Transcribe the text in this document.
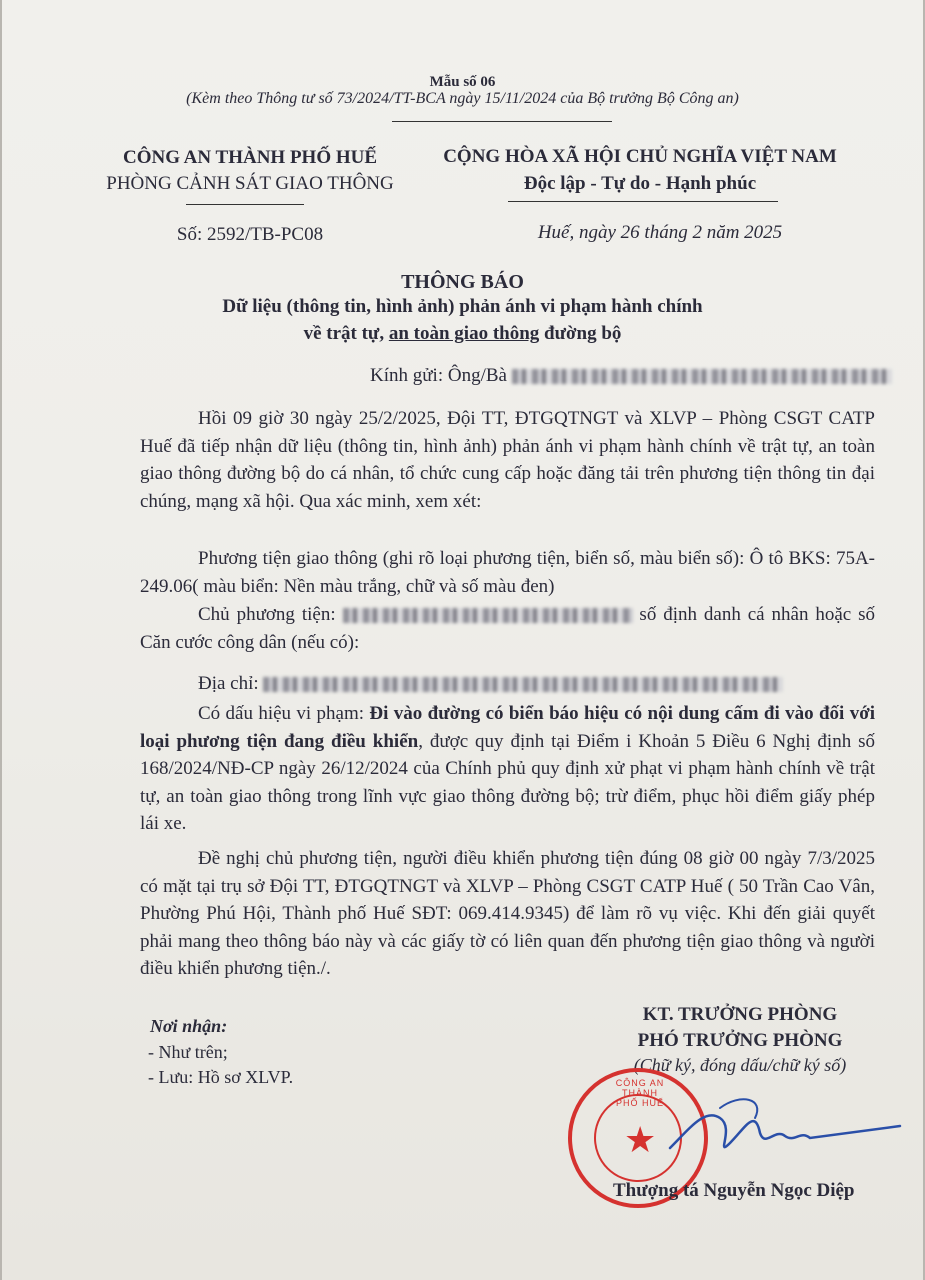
Mẫu số 06
(Kèm theo Thông tư số 73/2024/TT-BCA ngày 15/11/2024 của Bộ trưởng Bộ Công an)
CÔNG AN THÀNH PHỐ HUẾ
PHÒNG CẢNH SÁT GIAO THÔNG
CỘNG HÒA XÃ HỘI CHỦ NGHĨA VIỆT NAM
Độc lập - Tự do - Hạnh phúc
Số: 2592/TB-PC08	Huế, ngày 26 tháng 2 năm 2025
THÔNG BÁO
Dữ liệu (thông tin, hình ảnh) phản ánh vi phạm hành chính
về trật tự, an toàn giao thông đường bộ
Kính gửi: Ông/Bà
Hồi 09 giờ 30 ngày 25/2/2025, Đội TT, ĐTGQTNGT và XLVP – Phòng CSGT CATP Huế đã tiếp nhận dữ liệu (thông tin, hình ảnh) phản ánh vi phạm hành chính về trật tự, an toàn giao thông đường bộ do cá nhân, tổ chức cung cấp hoặc đăng tải trên phương tiện thông tin đại chúng, mạng xã hội. Qua xác minh, xem xét:
Phương tiện giao thông (ghi rõ loại phương tiện, biển số, màu biển số): Ô tô BKS: 75A-249.06( màu biển: Nền màu trắng, chữ và số màu đen)
Chủ phương tiện:	số định danh cá nhân hoặc số Căn cước công dân (nếu có):
Địa chỉ:
Có dấu hiệu vi phạm: Đi vào đường có biển báo hiệu có nội dung cấm đi vào đối với loại phương tiện đang điều khiển, được quy định tại Điểm i Khoản 5 Điều 6 Nghị định số 168/2024/NĐ-CP ngày 26/12/2024 của Chính phủ quy định xử phạt vi phạm hành chính về trật tự, an toàn giao thông trong lĩnh vực giao thông đường bộ; trừ điểm, phục hồi điểm giấy phép lái xe.
Đề nghị chủ phương tiện, người điều khiển phương tiện đúng 08 giờ 00 ngày 7/3/2025 có mặt tại trụ sở Đội TT, ĐTGQTNGT và XLVP – Phòng CSGT CATP Huế ( 50 Trần Cao Vân, Phường Phú Hội, Thành phố Huế SĐT: 069.414.9345) để làm rõ vụ việc. Khi đến giải quyết phải mang theo thông báo này và các giấy tờ có liên quan đến phương tiện giao thông và người điều khiển phương tiện./.
Nơi nhận:
- Như trên;
- Lưu: Hồ sơ XLVP.
KT. TRƯỞNG PHÒNG
PHÓ TRƯỞNG PHÒNG
(Chữ ký, đóng dấu/chữ ký số)
CÔNG AN THÀNH PHỐ HUẾ
★
Thượng tá Nguyễn Ngọc Diệp
